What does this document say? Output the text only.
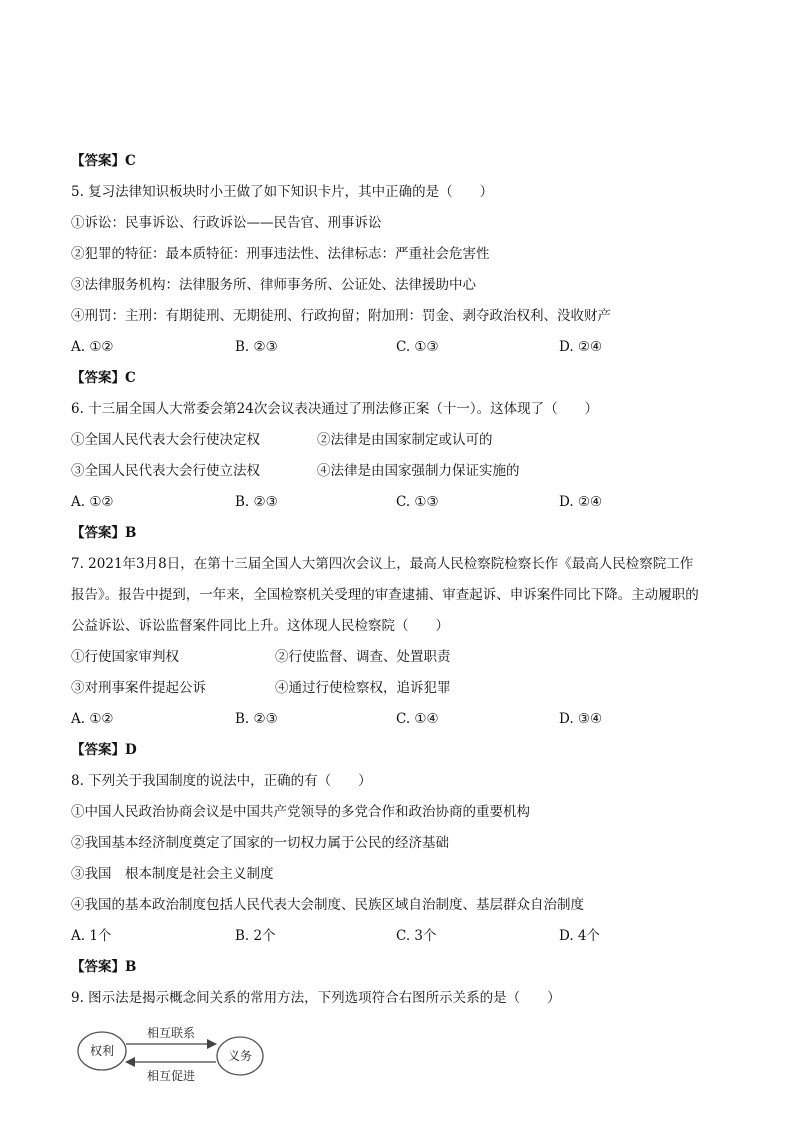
【答案】C
5. 复习法律知识板块时小王做了如下知识卡片，其中正确的是（　　）
①诉讼：民事诉讼、行政诉讼——民告官、刑事诉讼
②犯罪的特征：最本质特征：刑事违法性、法律标志：严重社会危害性
③法律服务机构：法律服务所、律师事务所、公证处、法律援助中心
④刑罚：主刑：有期徒刑、无期徒刑、行政拘留；附加刑：罚金、剥夺政治权利、没收财产
A. ①②	B. ②③	C. ①③	D. ②④
【答案】C
6. 十三届全国人大常委会第24次会议表决通过了刑法修正案（十一）。这体现了（　　）
①全国人民代表大会行使决定权	②法律是由国家制定或认可的
③全国人民代表大会行使立法权	④法律是由国家强制力保证实施的
A. ①②	B. ②③	C. ①③	D. ②④
【答案】B
7. 2021年3月8日，在第十三届全国人大第四次会议上，最高人民检察院检察长作《最高人民检察院工作
报告》。报告中提到，一年来，全国检察机关受理的审查逮捕、审查起诉、申诉案件同比下降。主动履职的
公益诉讼、诉讼监督案件同比上升。这体现人民检察院（　　）
①行使国家审判权	②行使监督、调查、处置职责
③对刑事案件提起公诉	④通过行使检察权，追诉犯罪
A. ①②	B. ②③	C. ①④	D. ③④
【答案】D
8. 下列关于我国制度的说法中，正确的有（　　）
①中国人民政治协商会议是中国共产党领导的多党合作和政治协商的重要机构
②我国基本经济制度奠定了国家的一切权力属于公民的经济基础
③我国　根本制度是社会主义制度
④我国的基本政治制度包括人民代表大会制度、民族区域自治制度、基层群众自治制度
A. 1个	B. 2个	C. 3个	D. 4个
【答案】B
9. 图示法是揭示概念间关系的常用方法，下列选项符合右图所示关系的是（　　）
权利	义务
相互联系
相互促进
